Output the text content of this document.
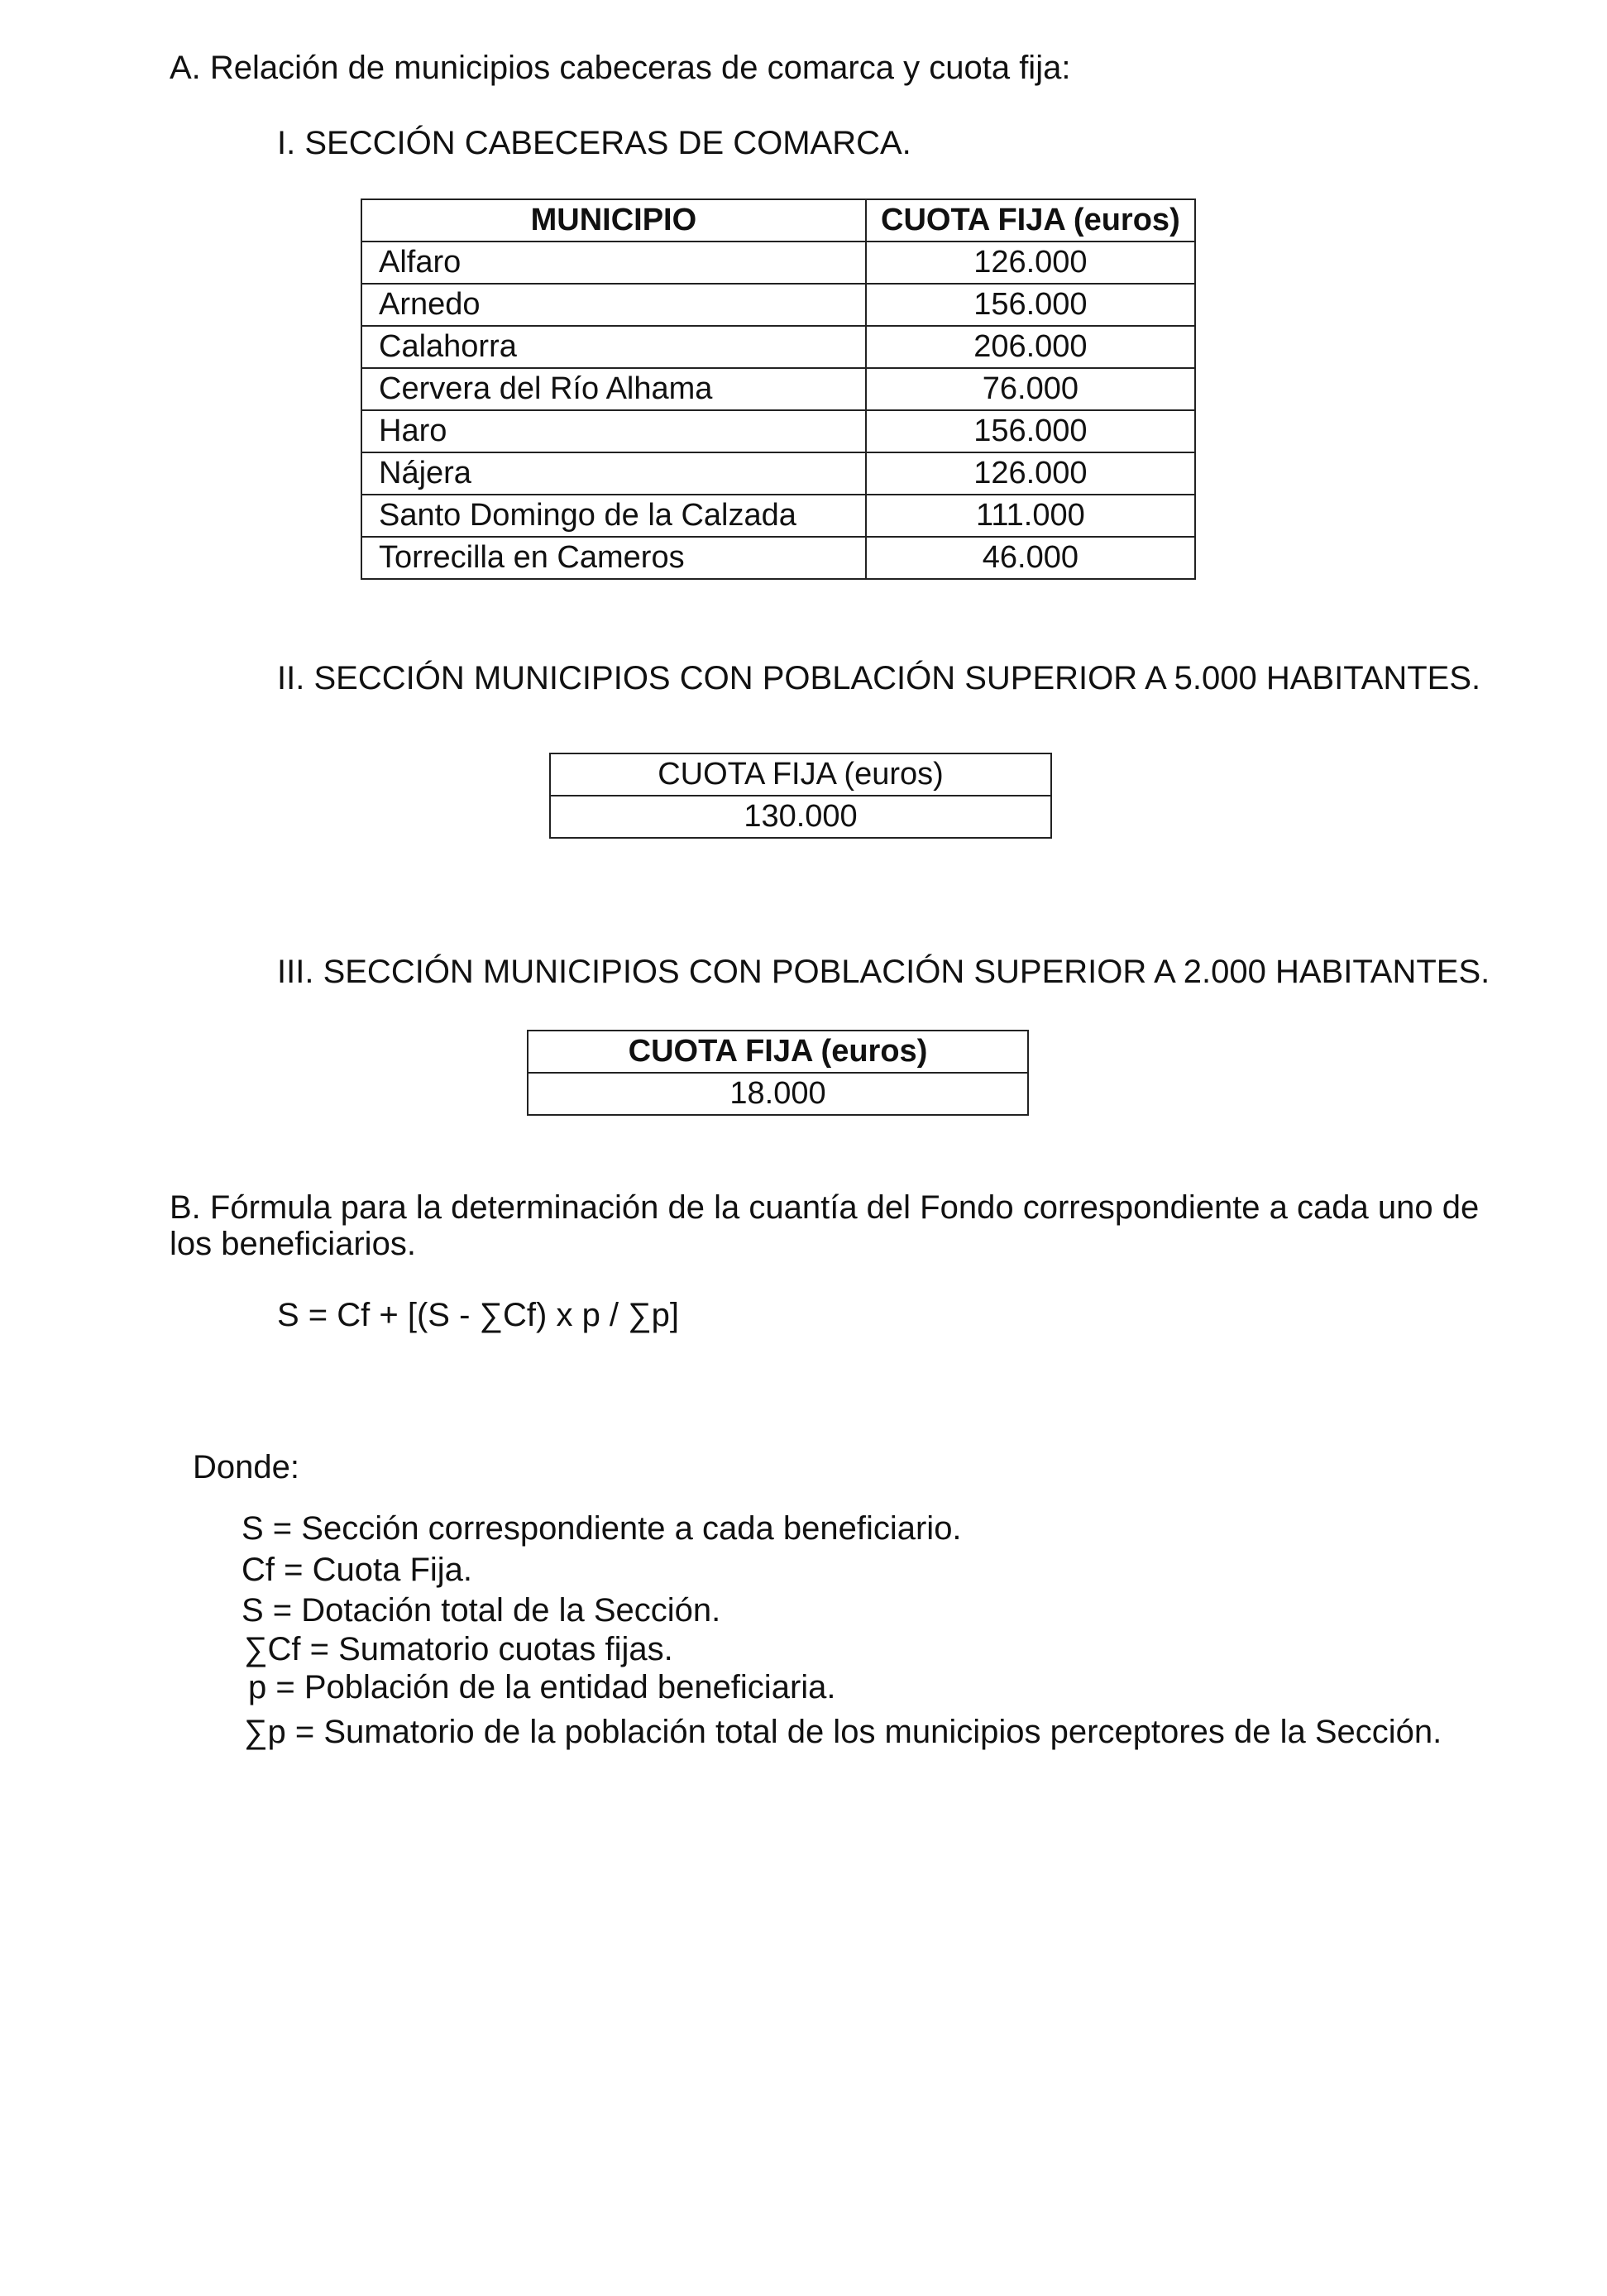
A. Relación de municipios cabeceras de comarca y cuota fija:
I. SECCIÓN CABECERAS DE COMARCA.
MUNICIPIO	CUOTA FIJA (euros)
Alfaro	126.000
Arnedo	156.000
Calahorra	206.000
Cervera del Río Alhama	76.000
Haro	156.000
Nájera	126.000
Santo Domingo de la Calzada	111.000
Torrecilla en Cameros	46.000
II. SECCIÓN MUNICIPIOS CON POBLACIÓN SUPERIOR A 5.000 HABITANTES.
CUOTA FIJA (euros)
130.000
III. SECCIÓN MUNICIPIOS CON POBLACIÓN SUPERIOR A 2.000 HABITANTES.
CUOTA FIJA (euros)
18.000
B. Fórmula para la determinación de la cuantía del Fondo correspondiente a cada uno de
los beneficiarios.
S = Cf + [(S - ∑Cf) x p / ∑p]
Donde:
S = Sección correspondiente a cada beneficiario.
Cf = Cuota Fija.
S = Dotación total de la Sección.
∑Cf = Sumatorio cuotas fijas.
p = Población de la entidad beneficiaria.
∑p = Sumatorio de la población total de los municipios perceptores de la Sección.
